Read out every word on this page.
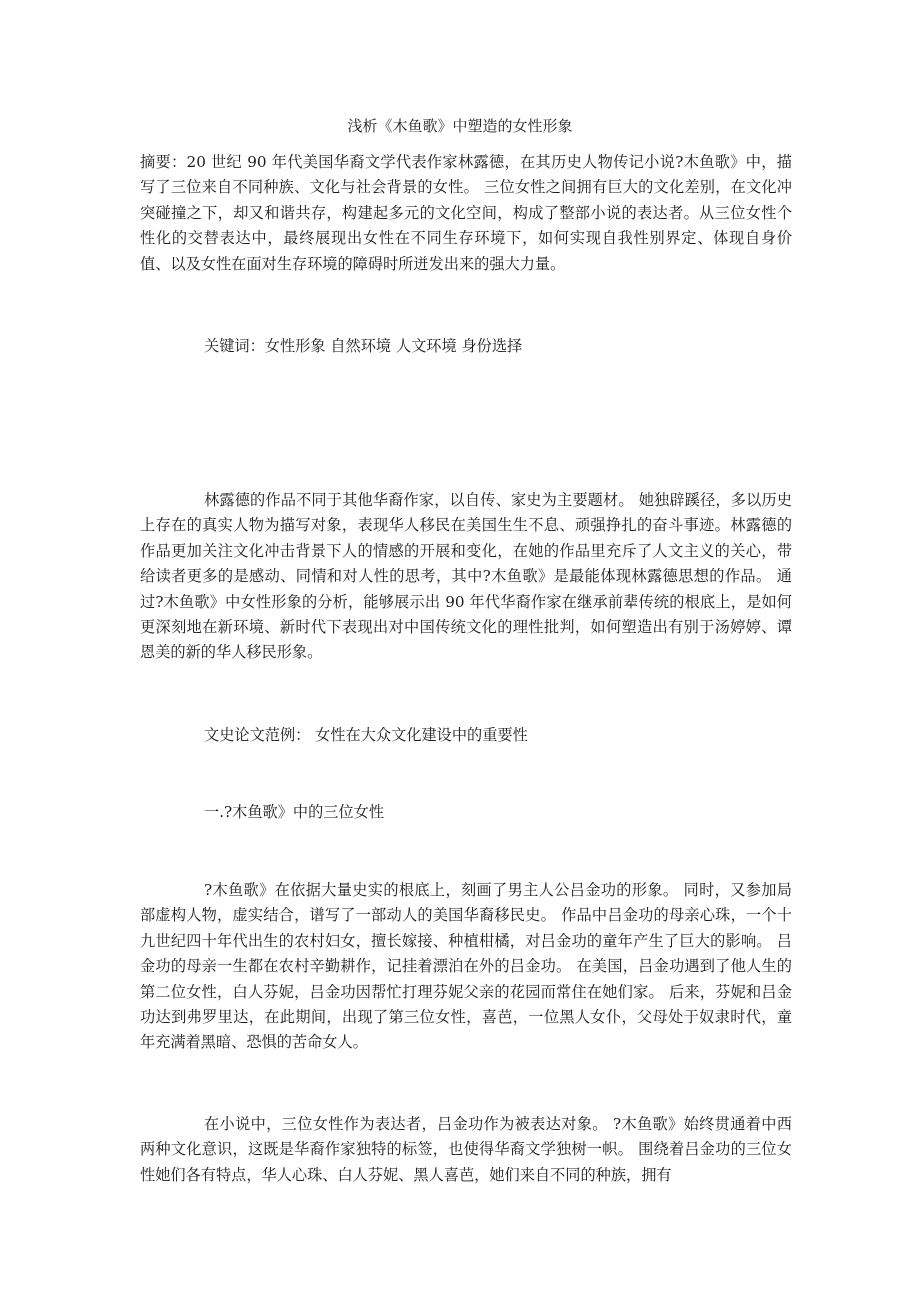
浅析《木鱼歌》中塑造的女性形象
摘要：20 世纪 90 年代美国华裔文学代表作家林露德，在其历史人物传记小说?木鱼歌》中，描写了三位来自不同种族、文化与社会背景的女性。 三位女性之间拥有巨大的文化差别，在文化冲突碰撞之下，却又和谐共存，构建起多元的文化空间，构成了整部小说的表达者。从三位女性个性化的交替表达中，最终展现出女性在不同生存环境下，如何实现自我性别界定、体现自身价值、以及女性在面对生存环境的障碍时所迸发出来的强大力量。
关键词：女性形象 自然环境 人文环境 身份选择
林露德的作品不同于其他华裔作家，以自传、家史为主要题材。 她独辟蹊径，多以历史上存在的真实人物为描写对象，表现华人移民在美国生生不息、顽强挣扎的奋斗事迹。林露德的作品更加关注文化冲击背景下人的情感的开展和变化，在她的作品里充斥了人文主义的关心，带给读者更多的是感动、同情和对人性的思考，其中?木鱼歌》是最能体现林露德思想的作品。 通过?木鱼歌》中女性形象的分析，能够展示出 90 年代华裔作家在继承前辈传统的根底上，是如何更深刻地在新环境、新时代下表现出对中国传统文化的理性批判，如何塑造出有别于汤婷婷、谭恩美的新的华人移民形象。
文史论文范例： 女性在大众文化建设中的重要性
一.?木鱼歌》中的三位女性
?木鱼歌》在依据大量史实的根底上，刻画了男主人公吕金功的形象。 同时，又参加局部虚构人物，虚实结合，谱写了一部动人的美国华裔移民史。 作品中吕金功的母亲心珠，一个十九世纪四十年代出生的农村妇女，擅长嫁接、种植柑橘，对吕金功的童年产生了巨大的影响。 吕金功的母亲一生都在农村辛勤耕作，记挂着漂泊在外的吕金功。 在美国，吕金功遇到了他人生的第二位女性，白人芬妮，吕金功因帮忙打理芬妮父亲的花园而常住在她们家。 后来，芬妮和吕金功达到弗罗里达，在此期间，出现了第三位女性，喜芭，一位黑人女仆，父母处于奴隶时代，童年充满着黑暗、恐惧的苦命女人。
在小说中，三位女性作为表达者，吕金功作为被表达对象。 ?木鱼歌》始终贯通着中西两种文化意识，这既是华裔作家独特的标签，也使得华裔文学独树一帜。 围绕着吕金功的三位女性她们各有特点，华人心珠、白人芬妮、黑人喜芭，她们来自不同的种族，拥有
